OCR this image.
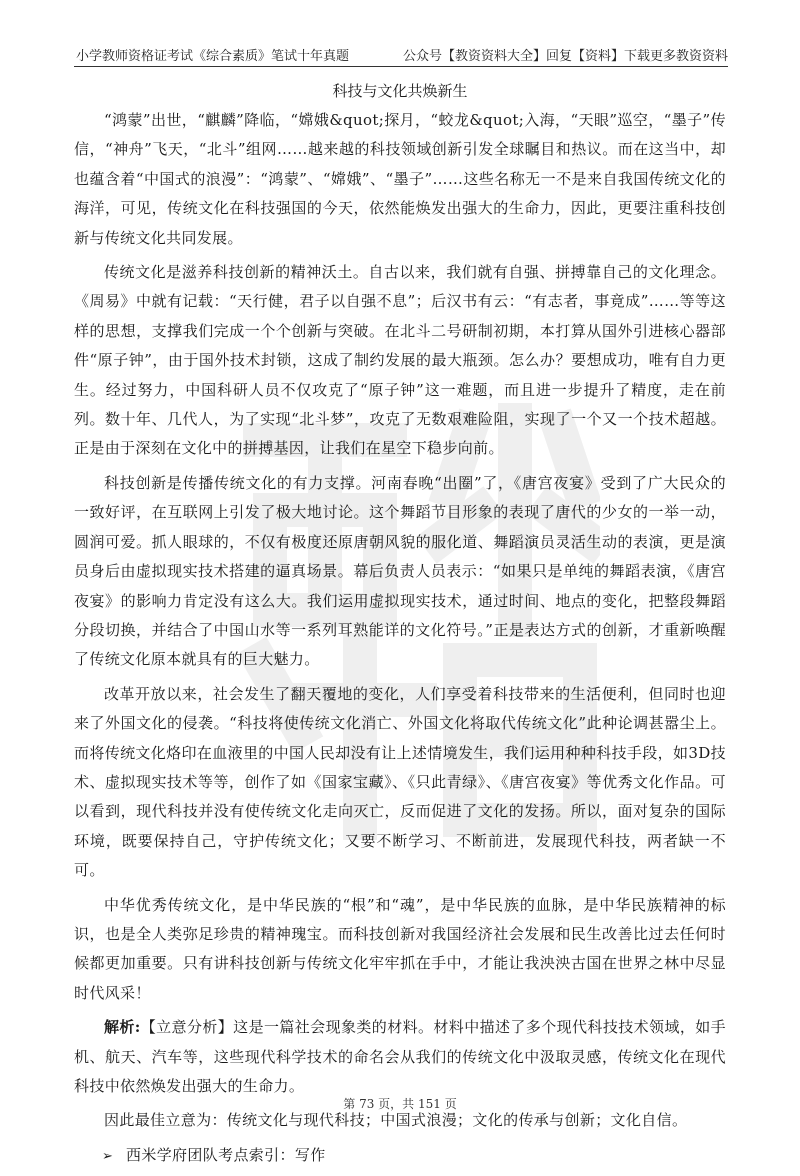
小学教师资格证考试《综合素质》笔试十年真题	公众号【教资资料大全】回复【资料】下载更多教资资料
科技与文化共焕新生

“鸿蒙”出世，“麒麟”降临，“嫦娥&quot;探月，“蛟龙&quot;入海，“天眼”巡空，“墨子”传信，“神舟”飞天，“北斗”组网……越来越的科技领域创新引发全球瞩目和热议。而在这当中，却也蕴含着“中国式的浪漫”：“鸿蒙”、“嫦娥”、“墨子”……这些名称无一不是来自我国传统文化的海洋，可见，传统文化在科技强国的今天，依然能焕发出强大的生命力，因此，更要注重科技创新与传统文化共同发展。

传统文化是滋养科技创新的精神沃土。自古以来，我们就有自强、拼搏靠自己的文化理念。《周易》中就有记载：“天行健，君子以自强不息”；后汉书有云：“有志者，事竟成”……等等这样的思想，支撑我们完成一个个创新与突破。在北斗二号研制初期，本打算从国外引进核心器部件“原子钟”，由于国外技术封锁，这成了制约发展的最大瓶颈。怎么办？要想成功，唯有自力更生。经过努力，中国科研人员不仅攻克了“原子钟”这一难题，而且进一步提升了精度，走在前列。数十年、几代人，为了实现“北斗梦”，攻克了无数艰难险阻，实现了一个又一个技术超越。正是由于深刻在文化中的拼搏基因，让我们在星空下稳步向前。

科技创新是传播传统文化的有力支撑。河南春晚“出圈”了，《唐宫夜宴》受到了广大民众的一致好评，在互联网上引发了极大地讨论。这个舞蹈节目形象的表现了唐代的少女的一举一动，圆润可爱。抓人眼球的，不仅有极度还原唐朝风貌的服化道、舞蹈演员灵活生动的表演，更是演员身后由虚拟现实技术搭建的逼真场景。幕后负责人员表示：“如果只是单纯的舞蹈表演，《唐宫夜宴》的影响力肯定没有这么大。我们运用虚拟现实技术，通过时间、地点的变化，把整段舞蹈分段切换，并结合了中国山水等一系列耳熟能详的文化符号。”正是表达方式的创新，才重新唤醒了传统文化原本就具有的巨大魅力。

改革开放以来，社会发生了翻天覆地的变化，人们享受着科技带来的生活便利，但同时也迎来了外国文化的侵袭。“科技将使传统文化消亡、外国文化将取代传统文化”此种论调甚嚣尘上。而将传统文化烙印在血液里的中国人民却没有让上述情境发生，我们运用种种科技手段，如3D技术、虚拟现实技术等等，创作了如《国家宝藏》、《只此青绿》、《唐宫夜宴》等优秀文化作品。可以看到，现代科技并没有使传统文化走向灭亡，反而促进了文化的发扬。所以，面对复杂的国际环境，既要保持自己，守护传统文化；又要不断学习、不断前进，发展现代科技，两者缺一不可。

中华优秀传统文化，是中华民族的“根”和“魂”，是中华民族的血脉，是中华民族精神的标识，也是全人类弥足珍贵的精神瑰宝。而科技创新对我国经济社会发展和民生改善比过去任何时候都更加重要。只有讲科技创新与传统文化牢牢抓在手中，才能让我泱泱古国在世界之林中尽显时代风采！

解析:【立意分析】这是一篇社会现象类的材料。材料中描述了多个现代科技技术领域，如手机、航天、汽车等，这些现代科学技术的命名会从我们的传统文化中汲取灵感，传统文化在现代科技中依然焕发出强大的生命力。

因此最佳立意为：传统文化与现代科技；中国式浪漫；文化的传承与创新；文化自信。

➢ 西米学府团队考点索引：写作

第 73 页，共 151 页
